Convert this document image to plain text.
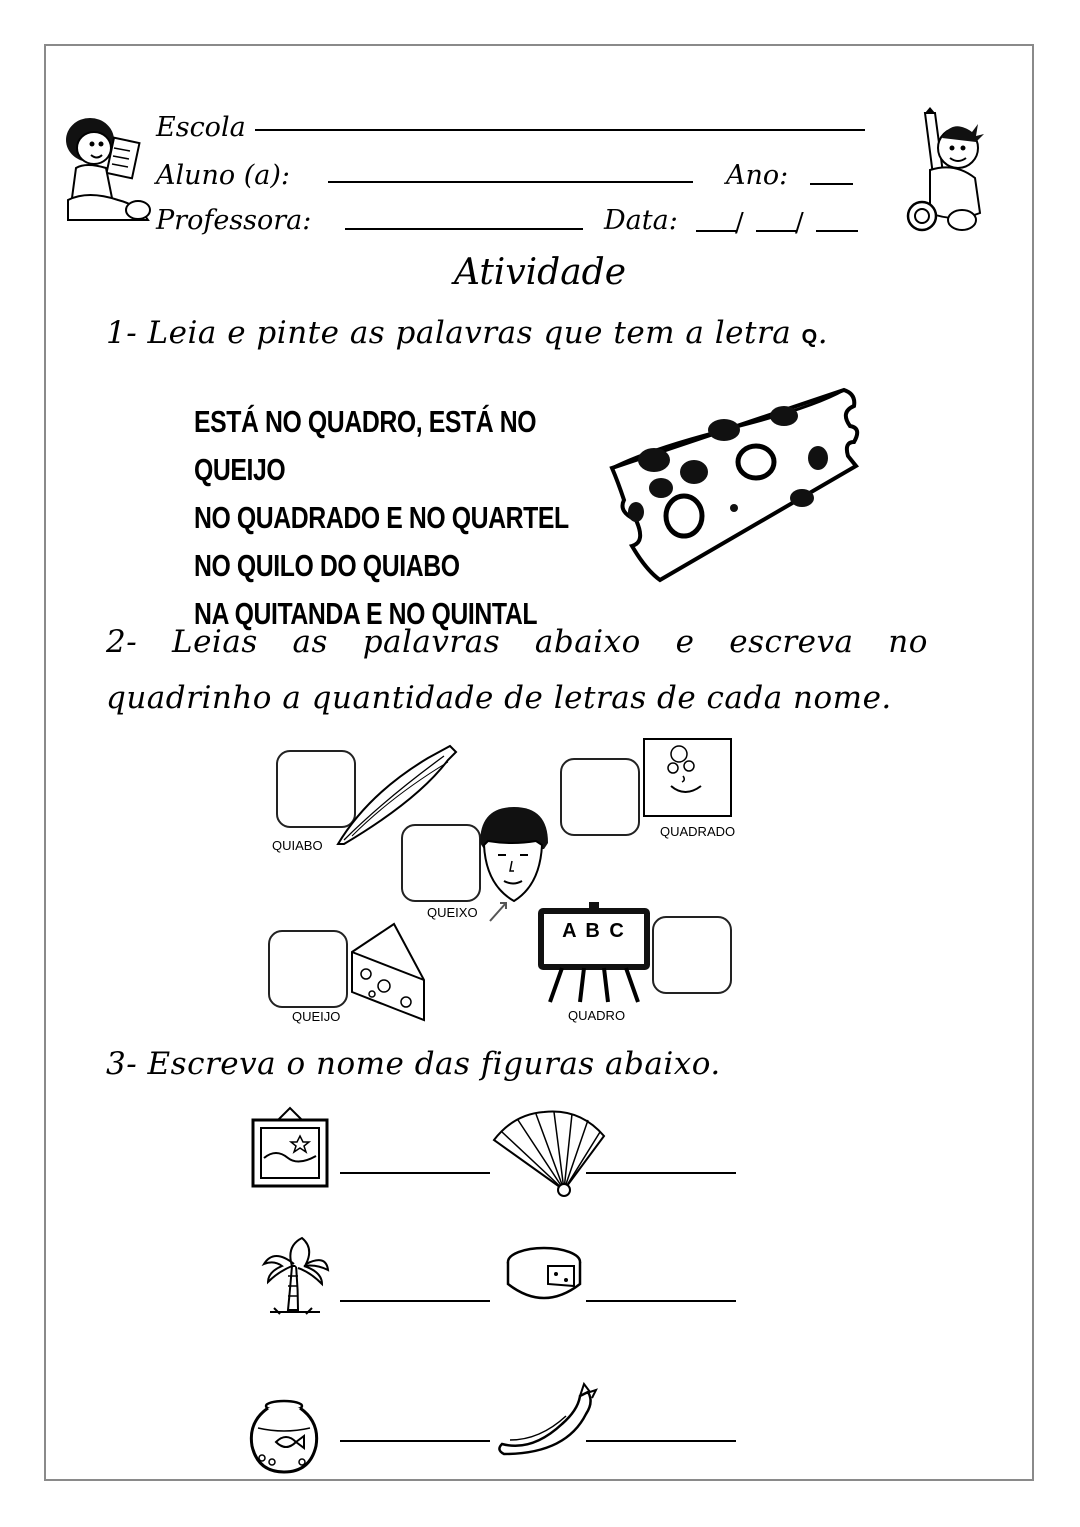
Escola
Aluno (a):	Ano:
Professora:	Data: / /
Atividade
1- Leia e pinte as palavras que tem a letra Q.
ESTÁ NO QUADRO, ESTÁ NO QUEIJO
NO QUADRADO E NO QUARTEL
NO QUILO DO QUIABO
NA QUITANDA E NO QUINTAL
2- Leias as palavras abaixo e escreva no
quadrinho a quantidade de letras de cada nome.
QUIABO
QUADRADO
QUEIXO
QUEIJO
A B C
QUADRO
3- Escreva o nome das figuras abaixo.
